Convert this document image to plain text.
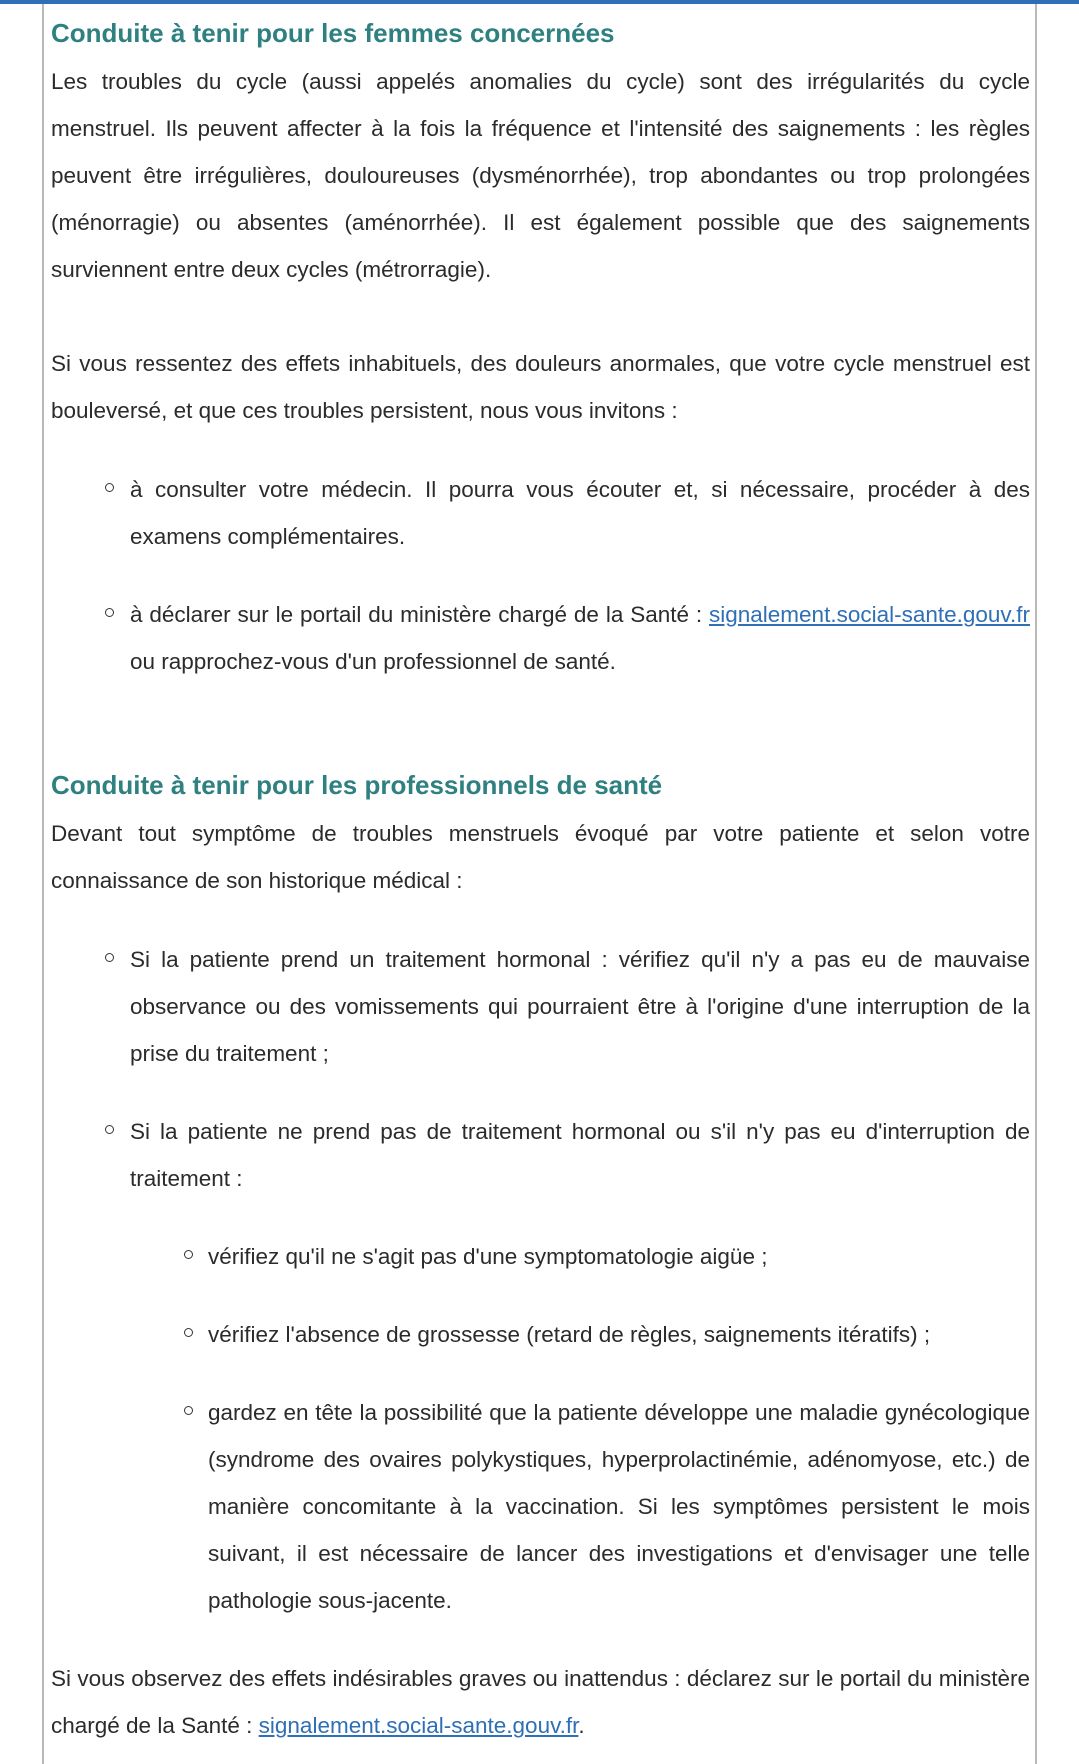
Conduite à tenir pour les femmes concernées

Les troubles du cycle (aussi appelés anomalies du cycle) sont des irrégularités du cycle menstruel. Ils peuvent affecter à la fois la fréquence et l'intensité des saignements : les règles peuvent être irrégulières, douloureuses (dysménorrhée), trop abondantes ou trop prolongées (ménorragie) ou absentes (aménorrhée). Il est également possible que des saignements surviennent entre deux cycles (métrorragie).

Si vous ressentez des effets inhabituels, des douleurs anormales, que votre cycle menstruel est bouleversé, et que ces troubles persistent, nous vous invitons :

à consulter votre médecin. Il pourra vous écouter et, si nécessaire, procéder à des examens complémentaires.
à déclarer sur le portail du ministère chargé de la Santé : signalement.social-sante.gouv.fr ou rapprochez-vous d'un professionnel de santé.
Conduite à tenir pour les professionnels de santé

Devant tout symptôme de troubles menstruels évoqué par votre patiente et selon votre connaissance de son historique médical :

Si la patiente prend un traitement hormonal : vérifiez qu'il n'y a pas eu de mauvaise observance ou des vomissements qui pourraient être à l'origine d'une interruption de la prise du traitement ;
Si la patiente ne prend pas de traitement hormonal ou s'il n'y pas eu d'interruption de traitement :
vérifiez qu'il ne s'agit pas d'une symptomatologie aigüe ;
vérifiez l'absence de grossesse (retard de règles, saignements itératifs) ;
gardez en tête la possibilité que la patiente développe une maladie gynécologique (syndrome des ovaires polykystiques, hyperprolactinémie, adénomyose, etc.) de manière concomitante à la vaccination. Si les symptômes persistent le mois suivant, il est nécessaire de lancer des investigations et d'envisager une telle pathologie sous-jacente.

Si vous observez des effets indésirables graves ou inattendus : déclarez sur le portail du ministère chargé de la Santé : signalement.social-sante.gouv.fr.
